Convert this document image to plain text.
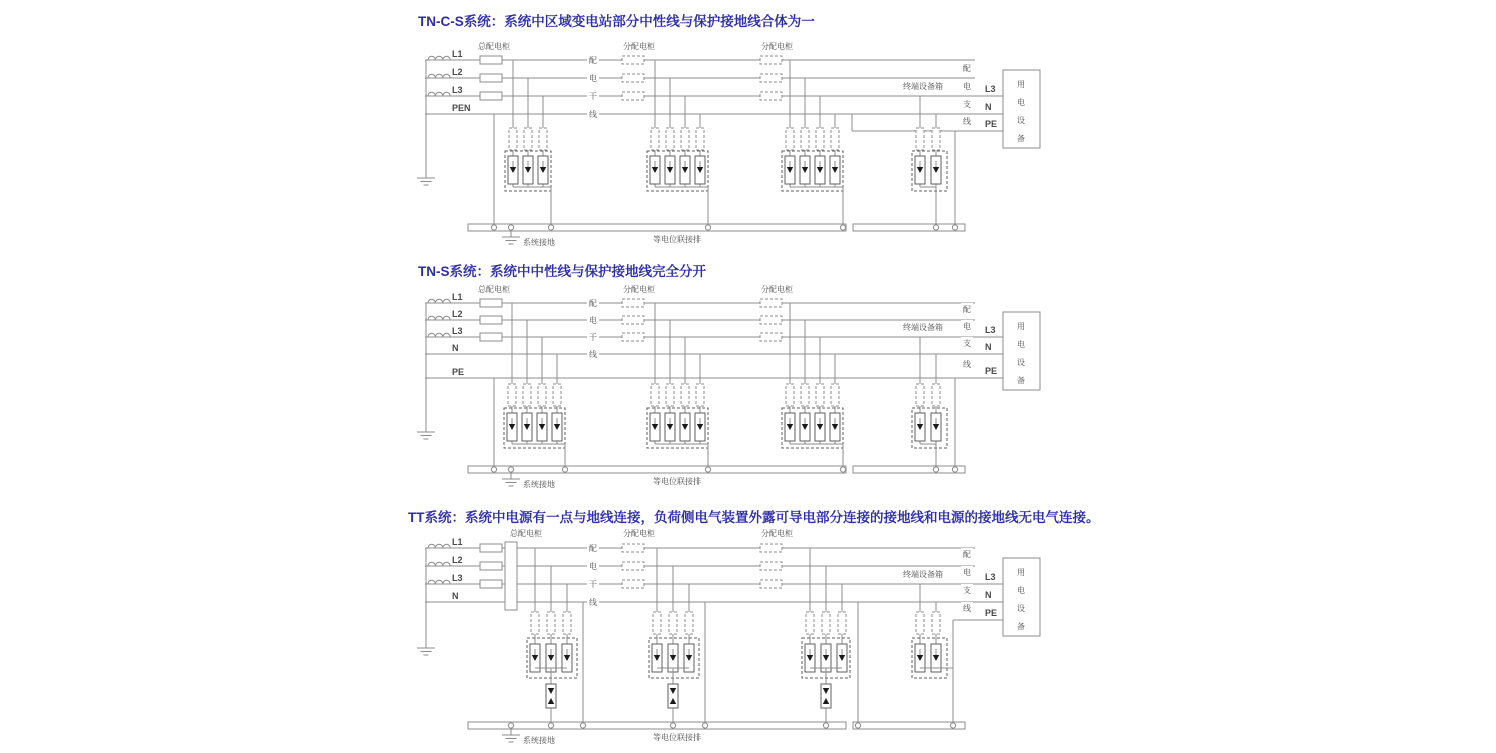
TN-C-S系统：系统中区域变电站部分中性线与保护接地线合体为一
TN-S系统：系统中中性线与保护接地线完全分开
TT系统：系统中电源有一点与地线连接，负荷侧电气装置外露可导电部分连接的接地线和电源的接地线无电气连接。
L1
L2
L3
PEN
总配电柜	分配电柜	分配电柜
终端设备箱
系统接地	等电位联接排
配
电
干
线
配
电
支
线
L3
N
PE
用
电
设
备
L1
L2
L3
N
PE
总配电柜	分配电柜	分配电柜
终端设备箱
系统接地	等电位联接排
配
电
干
线
配
电
支
线
L3
N
PE
用
电
设
备
L1
L2
L3
N
总配电柜	分配电柜	分配电柜
终端设备箱
系统接地	等电位联接排
配
电
干
线
配
电
支
线
L3
N
PE
用
电
设
备
